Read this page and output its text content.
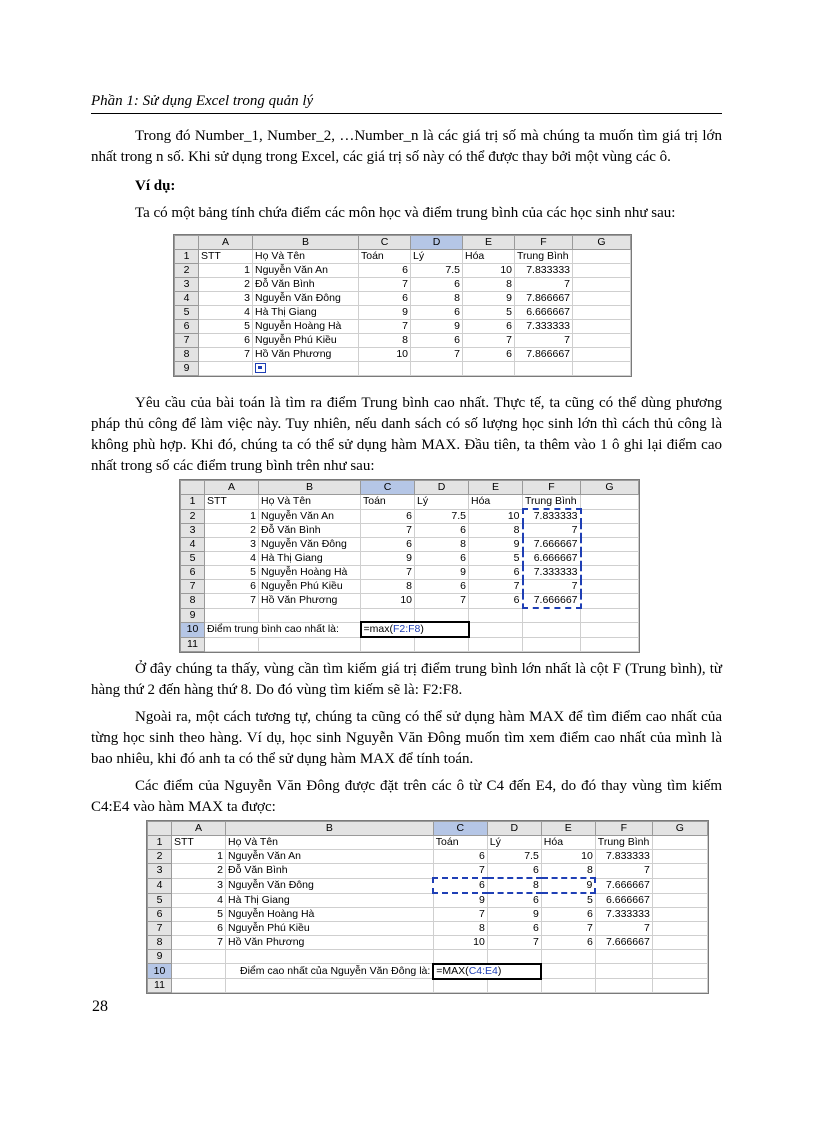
Phần 1: Sử dụng Excel trong quản lý
Trong đó Number_1, Number_2, …Number_n là các giá trị số mà chúng ta muốn tìm giá trị lớn nhất trong n số. Khi sử dụng trong Excel, các giá trị số này có thể được thay bởi một vùng các ô.
Ví dụ:
Ta có một bảng tính chứa điểm các môn học và điểm trung bình của các học sinh như sau:
	A	B	C	D	E	F	G
1	STT	Họ Và Tên	Toán	Lý	Hóa	Trung Bình	
2	1	Nguyễn Văn An	6	7.5	10	7.833333	
3	2	Đỗ Văn Bình	7	6	8	7	
4	3	Nguyễn Văn Đông	6	8	9	7.866667	
5	4	Hà Thị Giang	9	6	5	6.666667	
6	5	Nguyễn Hoàng Hà	7	9	6	7.333333	
7	6	Nguyễn Phú Kiều	8	6	7	7	
8	7	Hồ Văn Phương	10	7	6	7.866667	
9							
Yêu cầu của bài toán là tìm ra điểm Trung bình cao nhất. Thực tế, ta cũng có thể dùng phương pháp thủ công để làm việc này. Tuy nhiên, nếu danh sách có số lượng học sinh lớn thì cách thủ công là không phù hợp. Khi đó, chúng ta có thể sử dụng hàm MAX. Đầu tiên, ta thêm vào 1 ô ghi lại điểm cao nhất trong số các điểm trung bình trên như sau:
	A	B	C	D	E	F	G
1	STT	Họ Và Tên	Toán	Lý	Hóa	Trung Bình	
2	1	Nguyễn Văn An	6	7.5	10	7.833333	
3	2	Đỗ Văn Bình	7	6	8	7	
4	3	Nguyễn Văn Đông	6	8	9	7.666667	
5	4	Hà Thị Giang	9	6	5	6.666667	
6	5	Nguyễn Hoàng Hà	7	9	6	7.333333	
7	6	Nguyễn Phú Kiều	8	6	7	7	
8	7	Hồ Văn Phương	10	7	6	7.666667	
9							
10	Điểm trung bình cao nhất là:		=max(F2:F8)				
11							
Ở đây chúng ta thấy, vùng cần tìm kiếm giá trị điểm trung bình lớn nhất là cột F (Trung bình), từ hàng thứ 2 đến hàng thứ 8. Do đó vùng tìm kiếm sẽ là: F2:F8.
Ngoài ra, một cách tương tự, chúng ta cũng có thể sử dụng hàm MAX để tìm điểm cao nhất của từng học sinh theo hàng. Ví dụ, học sinh Nguyễn Văn Đông muốn tìm xem điểm cao nhất của mình là bao nhiêu, khi đó anh ta có thể sử dụng hàm MAX để tính toán.
Các điểm của Nguyễn Văn Đông được đặt trên các ô từ C4 đến E4, do đó thay vùng tìm kiếm C4:E4 vào hàm MAX ta được:
	A	B	C	D	E	F	G
1	STT	Họ Và Tên	Toán	Lý	Hóa	Trung Bình	
2	1	Nguyễn Văn An	6	7.5	10	7.833333	
3	2	Đỗ Văn Bình	7	6	8	7	
4	3	Nguyễn Văn Đông	6	8	9	7.666667	
5	4	Hà Thị Giang	9	6	5	6.666667	
6	5	Nguyễn Hoàng Hà	7	9	6	7.333333	
7	6	Nguyễn Phú Kiều	8	6	7	7	
8	7	Hồ Văn Phương	10	7	6	7.666667	
9							
10		Điểm cao nhất của Nguyễn Văn Đông là:	=MAX(C4:E4)				
11							
28
